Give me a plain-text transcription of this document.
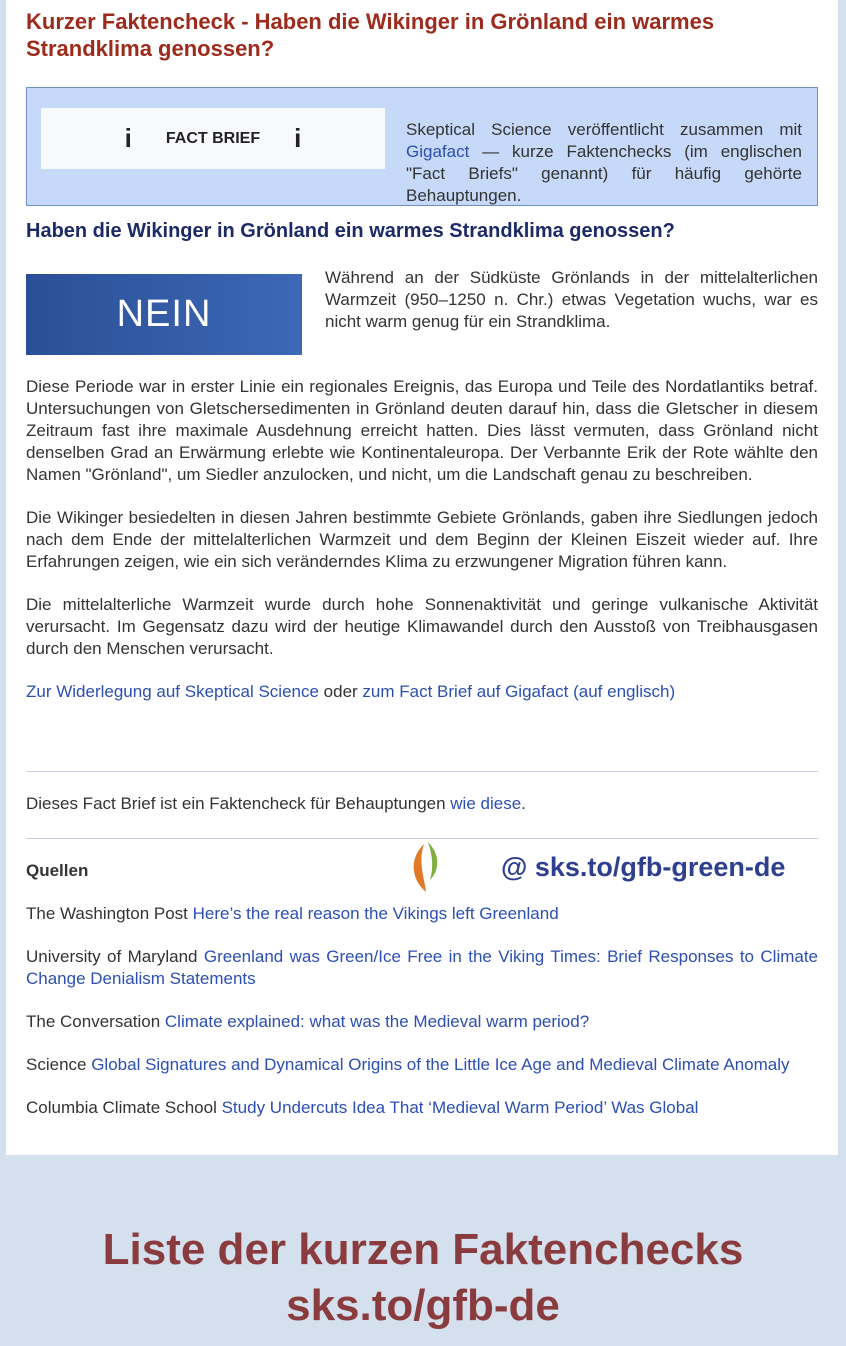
Kurzer Faktencheck - Haben die Wikinger in Grönland ein warmes Strandklima genossen?
i FACT BRIEF i	Skeptical Science veröffentlicht zusammen mit Gigafact — kurze Faktenchecks (im englischen "Fact Briefs" genannt) für häufig gehörte Behauptungen.

Haben die Wikinger in Grönland ein warmes Strandklima genossen?
NEIN

Während an der Südküste Grönlands in der mittelalterlichen Warmzeit (950–1250 n. Chr.) etwas Vegetation wuchs, war es nicht warm genug für ein Strandklima.

Diese Periode war in erster Linie ein regionales Ereignis, das Europa und Teile des Nordatlantiks betraf. Untersuchungen von Gletschersedimenten in Grönland deuten darauf hin, dass die Gletscher in diesem Zeitraum fast ihre maximale Ausdehnung erreicht hatten. Dies lässt vermuten, dass Grönland nicht denselben Grad an Erwärmung erlebte wie Kontinentaleuropa. Der Verbannte Erik der Rote wählte den Namen "Grönland", um Siedler anzulocken, und nicht, um die Landschaft genau zu beschreiben.

Die Wikinger besiedelten in diesen Jahren bestimmte Gebiete Grönlands, gaben ihre Siedlungen jedoch nach dem Ende der mittelalterlichen Warmzeit und dem Beginn der Kleinen Eiszeit wieder auf. Ihre Erfahrungen zeigen, wie ein sich veränderndes Klima zu erzwungener Migration führen kann.

Die mittelalterliche Warmzeit wurde durch hohe Sonnenaktivität und geringe vulkanische Aktivität verursacht. Im Gegensatz dazu wird der heutige Klimawandel durch den Ausstoß von Treibhausgasen durch den Menschen verursacht.

Zur Widerlegung auf Skeptical Science oder zum Fact Brief auf Gigafact (auf englisch)

Dieses Fact Brief ist ein Faktencheck für Behauptungen wie diese.

Quellen	@ sks.to/gfb-green-de

The Washington Post Here’s the real reason the Vikings left Greenland

University of Maryland Greenland was Green/Ice Free in the Viking Times: Brief Responses to Climate Change Denialism Statements

The Conversation Climate explained: what was the Medieval warm period?

Science Global Signatures and Dynamical Origins of the Little Ice Age and Medieval Climate Anomaly

Columbia Climate School Study Undercuts Idea That ‘Medieval Warm Period’ Was Global

Liste der kurzen Faktenchecks
sks.to/gfb-de
